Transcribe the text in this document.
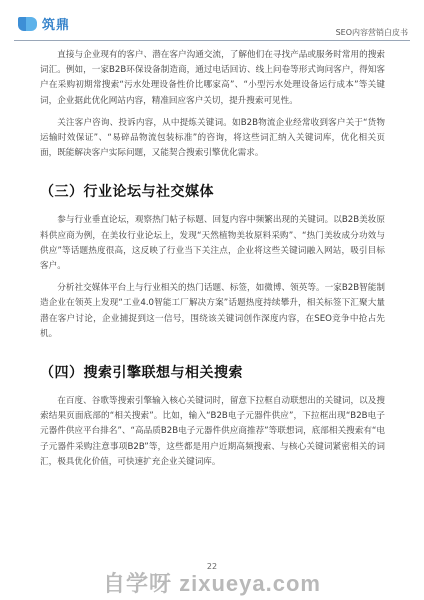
筑鼎	SEO内容营销白皮书

直接与企业现有的客户、潜在客户沟通交流，了解他们在寻找产品或服务时常用的搜索词汇。例如，一家B2B环保设备制造商，通过电话回访、线上问卷等形式询问客户，得知客户在采购初期常搜索“污水处理设备性价比哪家高”、“小型污水处理设备运行成本”等关键词，企业据此优化网站内容，精准回应客户关切，提升搜索可见性。

关注客户咨询、投诉内容，从中提炼关键词。如B2B物流企业经常收到客户关于“货物运输时效保证”、“易碎品物流包装标准”的咨询，将这些词汇纳入关键词库，优化相关页面，既能解决客户实际问题，又能契合搜索引擎优化需求。

（三）行业论坛与社交媒体

参与行业垂直论坛，观察热门帖子标题、回复内容中频繁出现的关键词。以B2B美妆原料供应商为例，在美妆行业论坛上，发现“天然植物美妆原料采购”、“热门美妆成分功效与供应”等话题热度很高，这反映了行业当下关注点，企业将这些关键词融入网站，吸引目标客户。

分析社交媒体平台上与行业相关的热门话题、标签，如微博、领英等。一家B2B智能制造企业在领英上发现“工业4.0智能工厂解决方案”话题热度持续攀升，相关标签下汇聚大量潜在客户讨论，企业捕捉到这一信号，围绕该关键词创作深度内容，在SEO竞争中抢占先机。

（四）搜索引擎联想与相关搜索

在百度、谷歌等搜索引擎输入核心关键词时，留意下拉框自动联想出的关键词，以及搜索结果页面底部的“相关搜索”。比如，输入“B2B电子元器件供应”，下拉框出现“B2B电子元器件供应平台排名”、“高品质B2B电子元器件供应商推荐”等联想词，底部相关搜索有“电子元器件采购注意事项B2B”等，这些都是用户近期高频搜索、与核心关键词紧密相关的词汇，极具优化价值，可快速扩充企业关键词库。

22
自学呀 zixueya.com
